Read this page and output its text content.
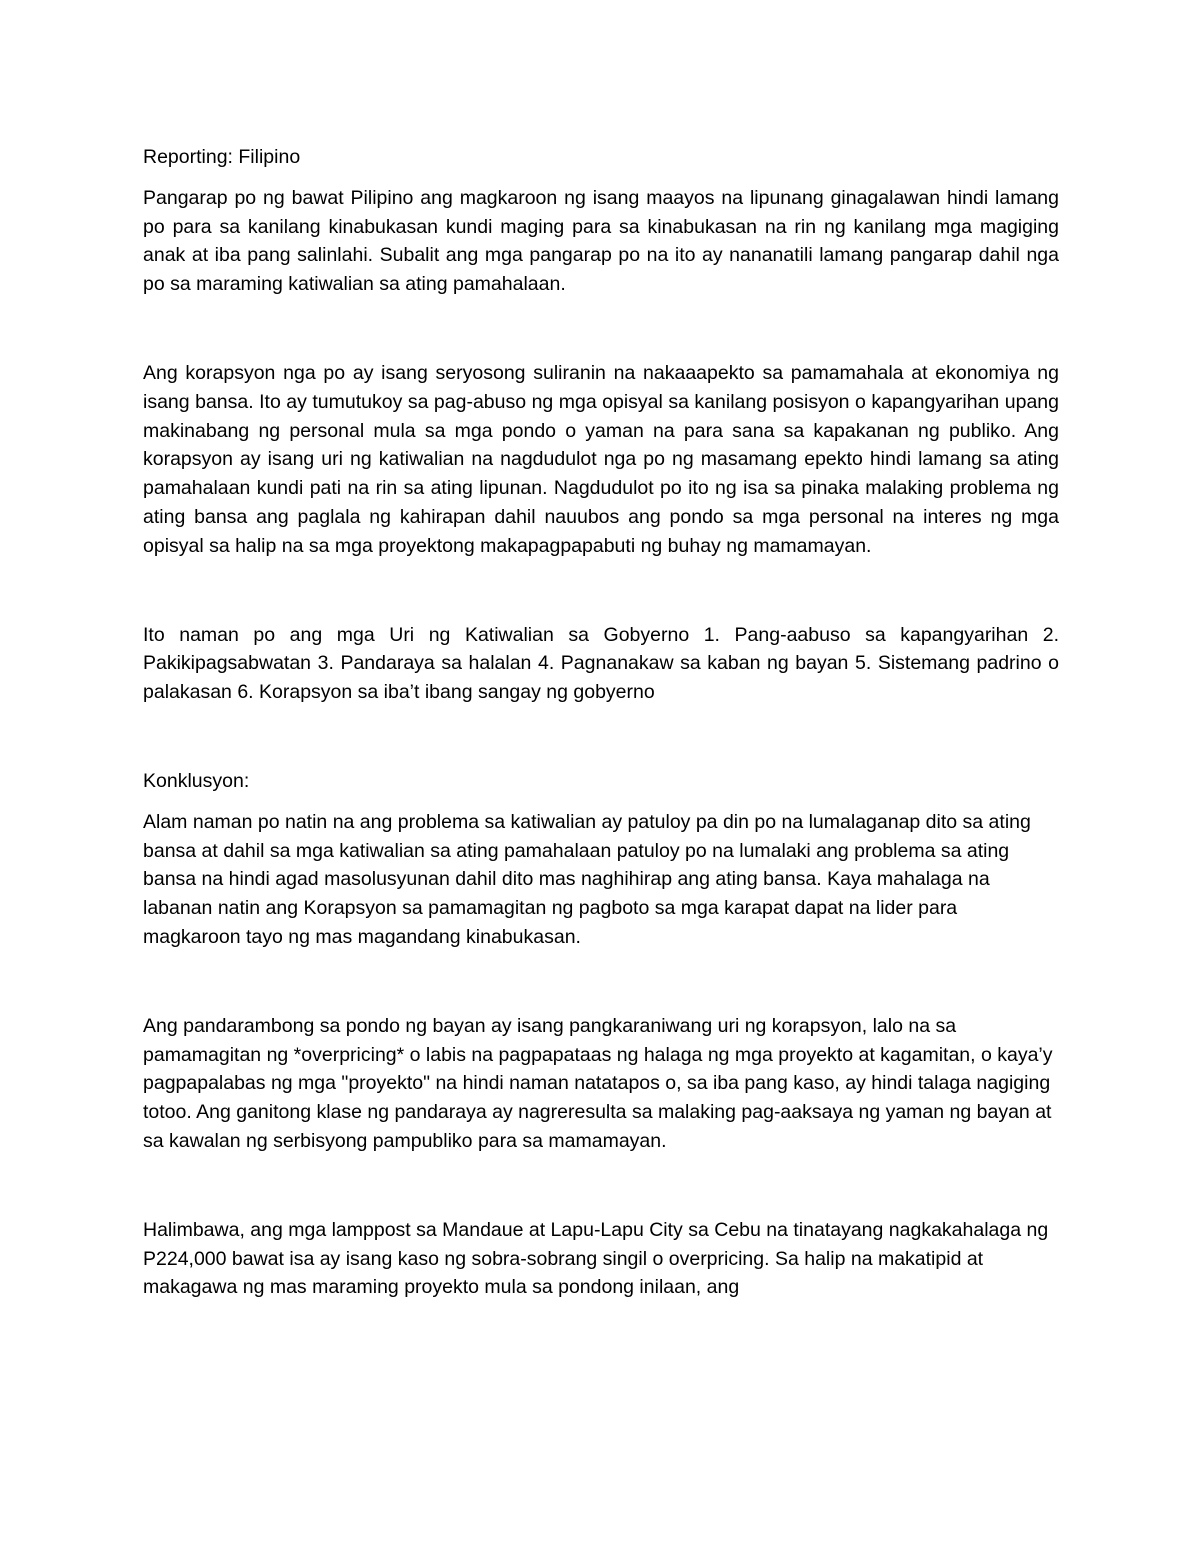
Reporting: Filipino

Pangarap po ng bawat Pilipino ang magkaroon ng isang maayos na lipunang ginagalawan hindi lamang po para sa kanilang kinabukasan kundi maging para sa kinabukasan na rin ng kanilang mga magiging anak at iba pang salinlahi. Subalit ang mga pangarap po na ito ay nananatili lamang pangarap dahil nga po sa maraming katiwalian sa ating pamahalaan.

Ang korapsyon nga po ay isang seryosong suliranin na nakaaapekto sa pamamahala at ekonomiya ng isang bansa. Ito ay tumutukoy sa pag-abuso ng mga opisyal sa kanilang posisyon o kapangyarihan upang makinabang ng personal mula sa mga pondo o yaman na para sana sa kapakanan ng publiko. Ang korapsyon ay isang uri ng katiwalian na nagdudulot nga po ng masamang epekto hindi lamang sa ating pamahalaan kundi pati na rin sa ating lipunan. Nagdudulot po ito ng isa sa pinaka malaking problema ng ating bansa ang paglala ng kahirapan dahil nauubos ang pondo sa mga personal na interes ng mga opisyal sa halip na sa mga proyektong makapagpapabuti ng buhay ng mamamayan.

Ito naman po ang mga Uri ng Katiwalian sa Gobyerno 1. Pang-aabuso sa kapangyarihan 2. Pakikipagsabwatan 3. Pandaraya sa halalan 4. Pagnanakaw sa kaban ng bayan 5. Sistemang padrino o palakasan 6. Korapsyon sa iba’t ibang sangay ng gobyerno

Konklusyon:

Alam naman po natin na ang problema sa katiwalian ay patuloy pa din po na lumalaganap dito sa ating bansa at dahil sa mga katiwalian sa ating pamahalaan patuloy po na lumalaki ang problema sa ating bansa na hindi agad masolusyunan dahil dito mas naghihirap ang ating bansa. Kaya mahalaga na labanan natin ang Korapsyon sa pamamagitan ng pagboto sa mga karapat dapat na lider para magkaroon tayo ng mas magandang kinabukasan.

Ang pandarambong sa pondo ng bayan ay isang pangkaraniwang uri ng korapsyon, lalo na sa pamamagitan ng *overpricing* o labis na pagpapataas ng halaga ng mga proyekto at kagamitan, o kaya’y pagpapalabas ng mga "proyekto" na hindi naman natatapos o, sa iba pang kaso, ay hindi talaga nagiging totoo. Ang ganitong klase ng pandaraya ay nagreresulta sa malaking pag-aaksaya ng yaman ng bayan at sa kawalan ng serbisyong pampubliko para sa mamamayan.

Halimbawa, ang mga lamppost sa Mandaue at Lapu-Lapu City sa Cebu na tinatayang nagkakahalaga ng P224,000 bawat isa ay isang kaso ng sobra-sobrang singil o overpricing. Sa halip na makatipid at makagawa ng mas maraming proyekto mula sa pondong inilaan, ang
